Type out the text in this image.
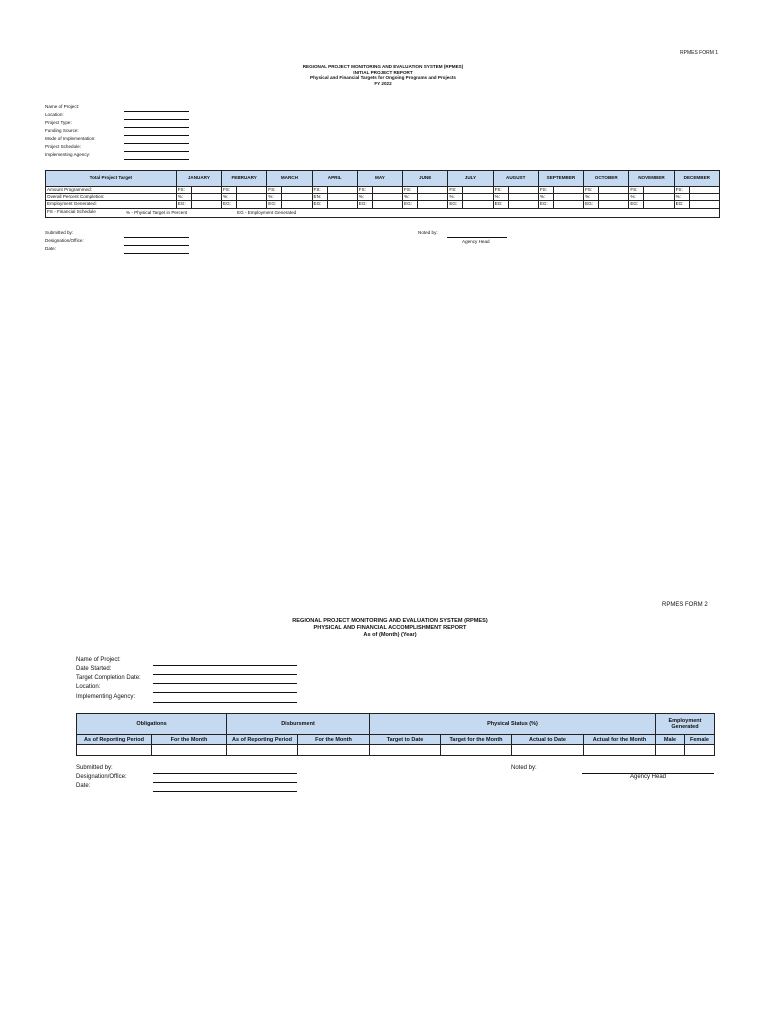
RPMES FORM 1
REGIONAL PROJECT MONITORING AND EVALUATION SYSTEM (RPMES)
INITIAL PROJECT REPORT
Physical and Financial Targets for Ongoing Programs and Projects
FY 2022
Name of Project:
Location:
Project Type:
Funding Source:
Mode of Implementation:
Project Schedule:
Implementing Agency:
Total Project Target	JANUARY		FEBRUARY		MARCH		APRIL		MAY		JUNE		JULY		AUGUST		SEPTEMBER		OCTOBER		NOVEMBER		DECEMBER	
Amount Programmed:	FS:		FS:		FS:		FS:		FS:		FS:		FS:		FS:		FS:		FS:		FS:		FS:	
Overall Percent Completion:	%:		%:		%:		EN:		%:		%:		%:		%:		%:		%:		%:		%:	
Employment Generated:	EG:		EG:		EG:		EG:		EG:		EG:		EG:		EG:		EG:		EG:		EG:		EG:	

FS - Financial Schedule % - Physical Target in Percent EG - Employment Generated																								
Submitted by:
Designation/Office:
Date:
Noted by:
Agency Head
RPMES FORM 2
REGIONAL PROJECT MONITORING AND EVALUATION SYSTEM (RPMES)
PHYSICAL AND FINANCIAL ACCOMPLISHMENT REPORT
As of (Month) (Year)
Name of Project:
Date Started:
Target Completion Date:
Location:
Implementing Agency:
Obligations		Disbursment		Physical Status (%)				Employment Generated	
As of Reporting Period	For the Month	As of Reporting Period	For the Month	Target to Date	Target for the Month	Actual to Date	Actual for the Month	Male	Female

Submitted by:
Designation/Office:
Date:
Noted by:
Agency Head
